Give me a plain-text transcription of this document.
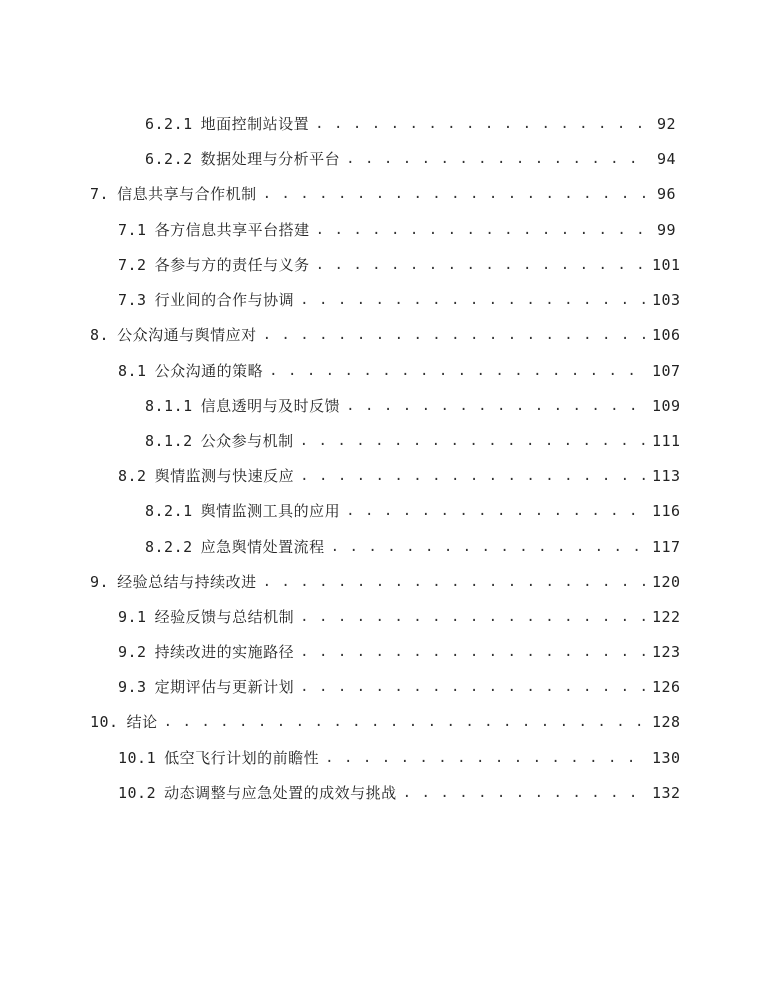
6.2.1 地面控制站设置 . . .	92
6.2.2 数据处理与分析平台 . . .	94
7. 信息共享与合作机制 . . .	96
7.1 各方信息共享平台搭建 . . .	99
7.2 各参与方的责任与义务 . . .	101
7.3 行业间的合作与协调 . . .	103
8. 公众沟通与舆情应对 . . .	106
8.1 公众沟通的策略 . . .	107
8.1.1 信息透明与及时反馈 . . .	109
8.1.2 公众参与机制 . . .	111
8.2 舆情监测与快速反应 . . .	113
8.2.1 舆情监测工具的应用 . . .	116
8.2.2 应急舆情处置流程 . . .	117
9. 经验总结与持续改进 . . .	120
9.1 经验反馈与总结机制 . . .	122
9.2 持续改进的实施路径 . . .	123
9.3 定期评估与更新计划 . . .	126
10. 结论 . . .	128
10.1 低空飞行计划的前瞻性 . . .	130
10.2 动态调整与应急处置的成效与挑战 . . .	132
